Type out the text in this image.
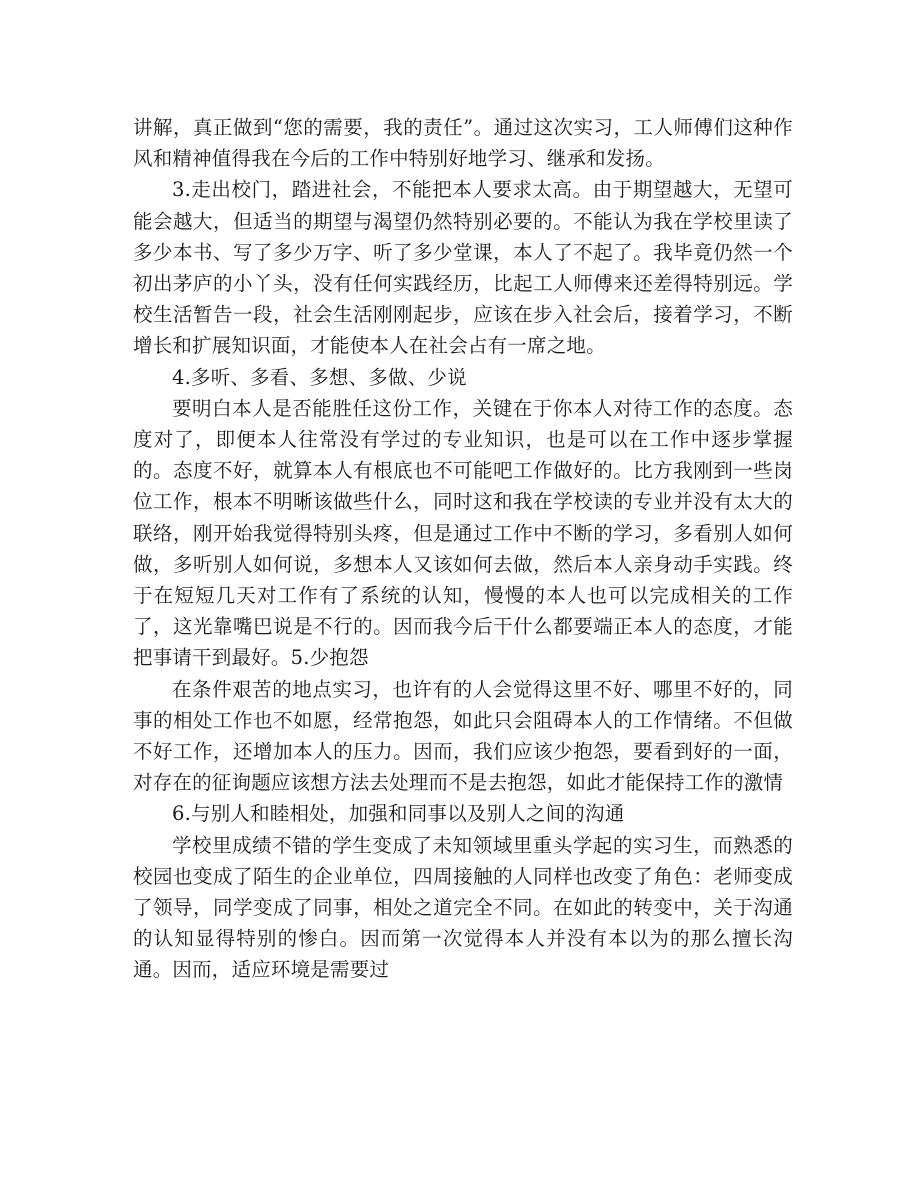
讲解，真正做到“您的需要，我的责任”。通过这次实习，工人师傅们这种作风和精神值得我在今后的工作中特别好地学习、继承和发扬。

3.走出校门，踏进社会，不能把本人要求太高。由于期望越大，无望可能会越大，但适当的期望与渴望仍然特别必要的。不能认为我在学校里读了多少本书、写了多少万字、听了多少堂课，本人了不起了。我毕竟仍然一个初出茅庐的小丫头，没有任何实践经历，比起工人师傅来还差得特别远。学校生活暂告一段，社会生活刚刚起步，应该在步入社会后，接着学习，不断增长和扩展知识面，才能使本人在社会占有一席之地。

4.多听、多看、多想、多做、少说

要明白本人是否能胜任这份工作，关键在于你本人对待工作的态度。态度对了，即便本人往常没有学过的专业知识，也是可以在工作中逐步掌握的。态度不好，就算本人有根底也不可能吧工作做好的。比方我刚到一些岗位工作，根本不明晰该做些什么，同时这和我在学校读的专业并没有太大的联络，刚开始我觉得特别头疼，但是通过工作中不断的学习，多看别人如何做，多听别人如何说，多想本人又该如何去做，然后本人亲身动手实践。终于在短短几天对工作有了系统的认知，慢慢的本人也可以完成相关的工作了，这光靠嘴巴说是不行的。因而我今后干什么都要端正本人的态度，才能把事请干到最好。5.少抱怨

在条件艰苦的地点实习，也许有的人会觉得这里不好、哪里不好的，同事的相处工作也不如愿，经常抱怨，如此只会阻碍本人的工作情绪。不但做不好工作，还增加本人的压力。因而，我们应该少抱怨，要看到好的一面，对存在的征询题应该想方法去处理而不是去抱怨，如此才能保持工作的激情

6.与别人和睦相处，加强和同事以及别人之间的沟通

学校里成绩不错的学生变成了未知领域里重头学起的实习生，而熟悉的校园也变成了陌生的企业单位，四周接触的人同样也改变了角色：老师变成了领导，同学变成了同事，相处之道完全不同。在如此的转变中，关于沟通的认知显得特别的惨白。因而第一次觉得本人并没有本以为的那么擅长沟通。因而，适应环境是需要过
